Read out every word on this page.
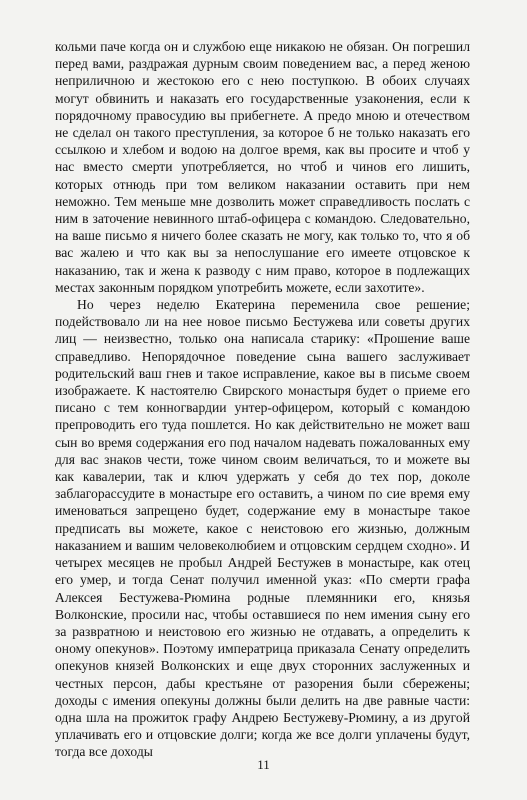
кольми паче когда он и службою еще никакою не обязан. Он погрешил перед вами, раздражая дурным своим поведением вас, а перед женою неприличною и жестокою его с нею поступкою. В обоих случаях могут обвинить и наказать его государственные узаконения, если к порядочному правосудию вы прибегнете. А предо мною и отечеством не сделал он такого преступления, за которое б не только наказать его ссылкою и хлебом и водою на долгое время, как вы просите и чтоб у нас вместо смерти употребляется, но чтоб и чинов его лишить, которых отнюдь при том великом наказании оставить при нем неможно. Тем меньше мне дозволить может справедливость послать с ним в заточение невинного штаб-офицера с командою. Следовательно, на ваше письмо я ничего более сказать не могу, как только то, что я об вас жалею и что как вы за непослушание его имеете отцовское к наказанию, так и жена к разводу с ним право, которое в подлежащих местах законным порядком употребить можете, если захотите».

Но через неделю Екатерина переменила свое решение; подействовало ли на нее новое письмо Бестужева или советы других лиц — неизвестно, только она написала старику: «Прошение ваше справедливо. Непорядочное поведение сына вашего заслуживает родительский ваш гнев и такое исправление, какое вы в письме своем изображаете. К настоятелю Свирского монастыря будет о приеме его писано с тем конногвардии унтер-офицером, который с командою препроводить его туда пошлется. Но как действительно не может ваш сын во время содержания его под началом надевать пожалованных ему для вас знаков чести, тоже чином своим величаться, то и можете вы как кавалерии, так и ключ удержать у себя до тех пор, доколе заблагорассудите в монастыре его оставить, а чином по сие время ему именоваться запрещено будет, содержание ему в монастыре такое предписать вы можете, какое с неистовою его жизнью, должным наказанием и вашим человеколюбием и отцовским сердцем сходно». И четырех месяцев не пробыл Андрей Бестужев в монастыре, как отец его умер, и тогда Сенат получил именной указ: «По смерти графа Алексея Бестужева-Рюмина родные племянники его, князья Волконские, просили нас, чтобы оставшиеся по нем имения сыну его за развратною и неистовою его жизнью не отдавать, а определить к оному опекунов». Поэтому императрица приказала Сенату определить опекунов князей Волконских и еще двух сторонних заслуженных и честных персон, дабы крестьяне от разорения были сбережены; доходы с имения опекуны должны были делить на две равные части: одна шла на прожиток графу Андрею Бестужеву-Рюмину, а из другой уплачивать его и отцовские долги; когда же все долги уплачены будут, тогда все доходы

11
